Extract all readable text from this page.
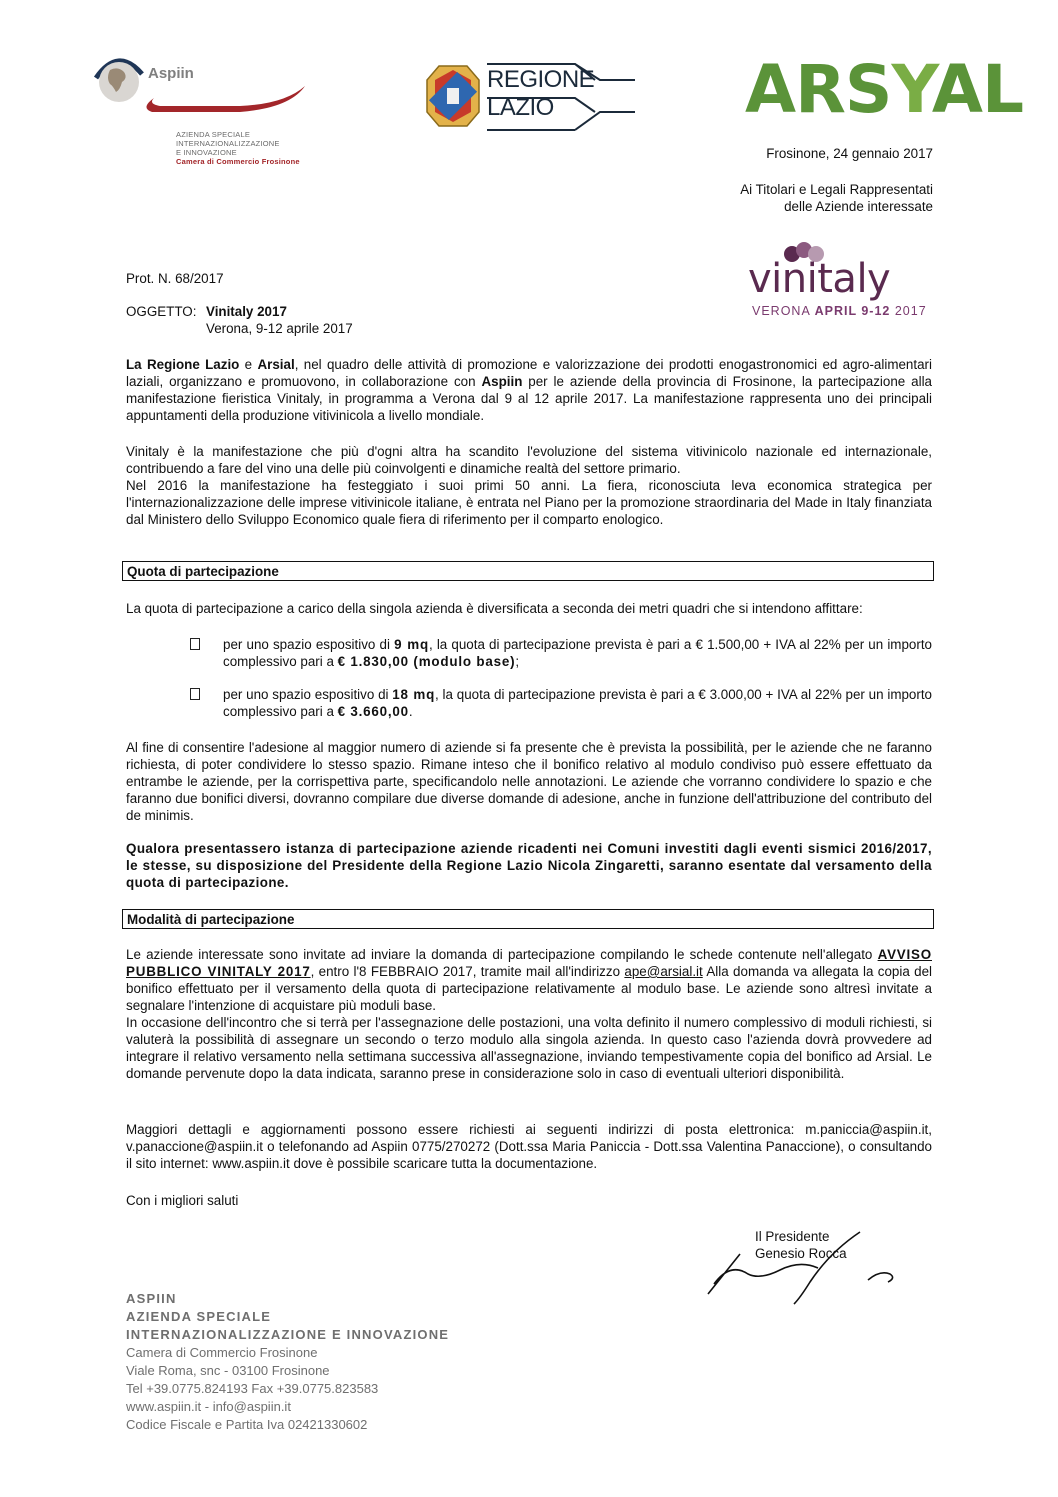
Aspiin
AZIENDA SPECIALE
INTERNAZIONALIZZAZIONE
E INNOVAZIONE
Camera di Commercio Frosinone
REGIONE
LAZIO	ARSYAL
Frosinone, 24 gennaio 2017
Ai Titolari e Legali Rappresentati
delle Aziende interessate
vinitaly
VERONA APRIL 9-12 2017
Prot. N. 68/2017
OGGETTO: Vinitaly 2017
Verona, 9-12 aprile 2017
La Regione Lazio e Arsial, nel quadro delle attività di promozione e valorizzazione dei prodotti enogastronomici ed agro-alimentari laziali, organizzano e promuovono, in collaborazione con Aspiin per le aziende della provincia di Frosinone, la partecipazione alla manifestazione fieristica Vinitaly, in programma a Verona dal 9 al 12 aprile 2017. La manifestazione rappresenta uno dei principali appuntamenti della produzione vitivinicola a livello mondiale.
Vinitaly è la manifestazione che più d'ogni altra ha scandito l'evoluzione del sistema vitivinicolo nazionale ed internazionale, contribuendo a fare del vino una delle più coinvolgenti e dinamiche realtà del settore primario.
Nel 2016 la manifestazione ha festeggiato i suoi primi 50 anni. La fiera, riconosciuta leva economica strategica per l'internazionalizzazione delle imprese vitivinicole italiane, è entrata nel Piano per la promozione straordinaria del Made in Italy finanziata dal Ministero dello Sviluppo Economico quale fiera di riferimento per il comparto enologico.
Quota di partecipazione
La quota di partecipazione a carico della singola azienda è diversificata a seconda dei metri quadri che si intendono affittare:
per uno spazio espositivo di 9 mq, la quota di partecipazione prevista è pari a € 1.500,00 + IVA al 22% per un importo complessivo pari a € 1.830,00 (modulo base);
per uno spazio espositivo di 18 mq, la quota di partecipazione prevista è pari a € 3.000,00 + IVA al 22% per un importo complessivo pari a € 3.660,00.
Al fine di consentire l'adesione al maggior numero di aziende si fa presente che è prevista la possibilità, per le aziende che ne faranno richiesta, di poter condividere lo stesso spazio. Rimane inteso che il bonifico relativo al modulo condiviso può essere effettuato da entrambe le aziende, per la corrispettiva parte, specificandolo nelle annotazioni. Le aziende che vorranno condividere lo spazio e che faranno due bonifici diversi, dovranno compilare due diverse domande di adesione, anche in funzione dell'attribuzione del contributo del de minimis.
Qualora presentassero istanza di partecipazione aziende ricadenti nei Comuni investiti dagli eventi sismici 2016/2017, le stesse, su disposizione del Presidente della Regione Lazio Nicola Zingaretti, saranno esentate dal versamento della quota di partecipazione.
Modalità di partecipazione
Le aziende interessate sono invitate ad inviare la domanda di partecipazione compilando le schede contenute nell'allegato AVVISO PUBBLICO VINITALY 2017, entro l'8 FEBBRAIO 2017, tramite mail all'indirizzo ape@arsial.it Alla domanda va allegata la copia del bonifico effettuato per il versamento della quota di partecipazione relativamente al modulo base. Le aziende sono altresì invitate a segnalare l'intenzione di acquistare più moduli base.
In occasione dell'incontro che si terrà per l'assegnazione delle postazioni, una volta definito il numero complessivo di moduli richiesti, si valuterà la possibilità di assegnare un secondo o terzo modulo alla singola azienda. In questo caso l'azienda dovrà provvedere ad integrare il relativo versamento nella settimana successiva all'assegnazione, inviando tempestivamente copia del bonifico ad Arsial. Le domande pervenute dopo la data indicata, saranno prese in considerazione solo in caso di eventuali ulteriori disponibilità.
Maggiori dettagli e aggiornamenti possono essere richiesti ai seguenti indirizzi di posta elettronica: m.paniccia@aspiin.it, v.panaccione@aspiin.it o telefonando ad Aspiin 0775/270272 (Dott.ssa Maria Paniccia - Dott.ssa Valentina Panaccione), o consultando il sito internet: www.aspiin.it dove è possibile scaricare tutta la documentazione.
Con i migliori saluti
Il Presidente
Genesio Rocca
ASPIIN
AZIENDA SPECIALE
INTERNAZIONALIZZAZIONE E INNOVAZIONE
Camera di Commercio Frosinone
Viale Roma, snc - 03100 Frosinone
Tel +39.0775.824193 Fax +39.0775.823583
www.aspiin.it - info@aspiin.it
Codice Fiscale e Partita Iva 02421330602
